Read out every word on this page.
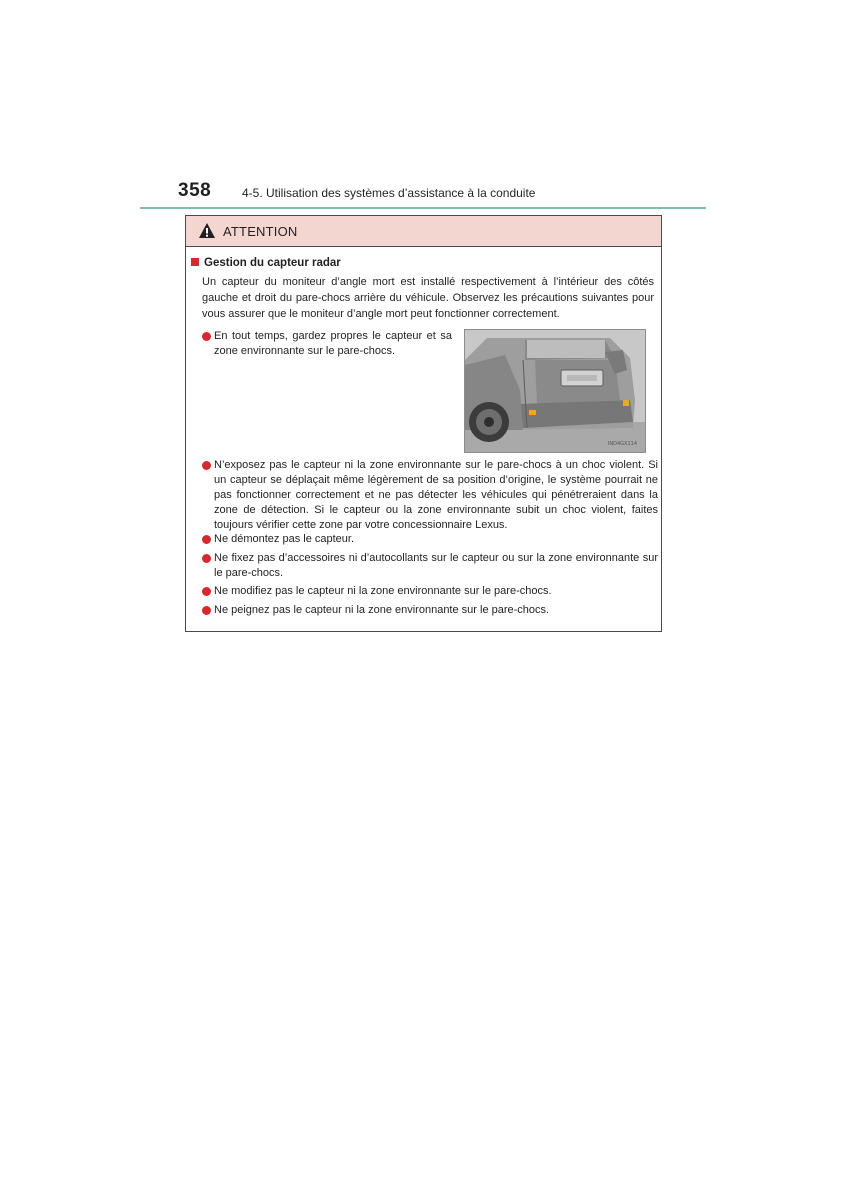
358	4-5. Utilisation des systèmes d’assistance à la conduite
ATTENTION
Gestion du capteur radar
Un capteur du moniteur d’angle mort est installé respectivement à l’intérieur des côtés gauche et droit du pare-chocs arrière du véhicule. Observez les précautions suivantes pour vous assurer que le moniteur d’angle mort peut fonctionner correctement.
En tout temps, gardez propres le capteur et sa zone environnante sur le pare-chocs.
IND4GX114
N’exposez pas le capteur ni la zone environnante sur le pare-chocs à un choc violent. Si un capteur se déplaçait même légèrement de sa position d’origine, le système pourrait ne pas fonctionner correctement et ne pas détecter les véhicules qui pénétreraient dans la zone de détection. Si le capteur ou la zone environnante subit un choc violent, faites toujours vérifier cette zone par votre concessionnaire Lexus.
Ne démontez pas le capteur.
Ne fixez pas d’accessoires ni d’autocollants sur le capteur ou sur la zone environnante sur le pare-chocs.
Ne modifiez pas le capteur ni la zone environnante sur le pare-chocs.
Ne peignez pas le capteur ni la zone environnante sur le pare-chocs.
